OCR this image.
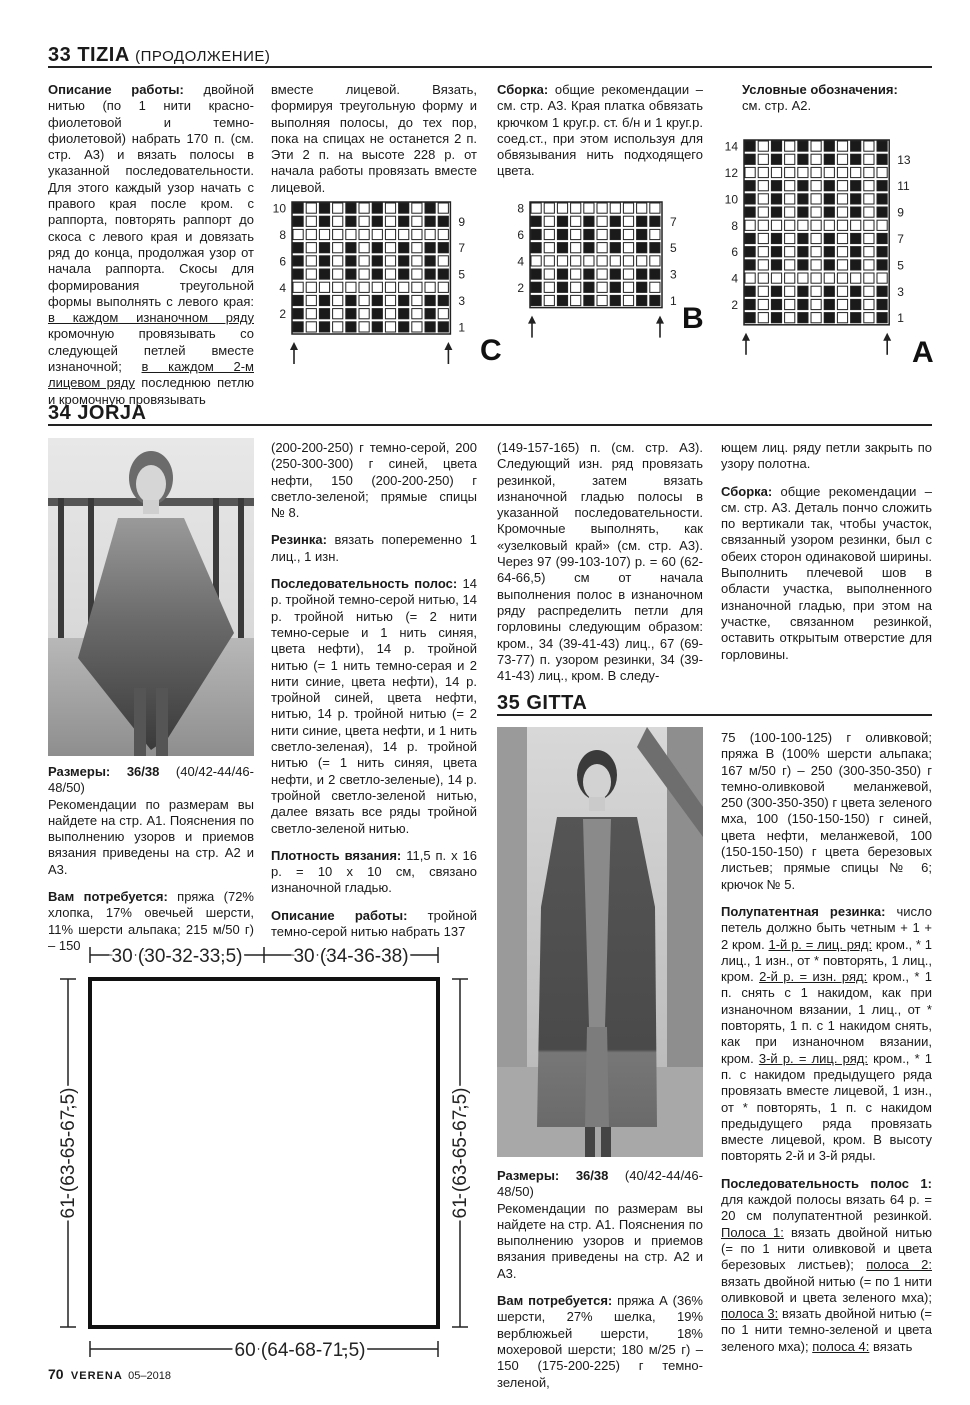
33 TIZIA (ПРОДОЛЖЕНИЕ)

Описание работы: двойной нитью (по 1 нити красно-фиолетовой и темно-фиолетовой) набрать 170 п. (см. стр. А3) и вязать полосы в указанной последовательности. Для этого каждый узор начать с правого края после кром. с раппорта, повторять раппорт до скоса с левого края и довязать ряд до конца, продолжая узор от начала раппорта. Скосы для формирования треугольной формы выполнять с левого края: в каждом изнаночном ряду кромочную провязывать со следующей петлей вместе изнаночной; в каждом 2-м лицевом ряду последнюю петлю и кромочную провязывать

вместе лицевой. Вязать, формируя треугольную форму и выполняя полосы, до тех пор, пока на спицах не останется 2 п. Эти 2 п. на высоте 228 р. от начала работы провязать вместе лицевой.

Сборка: общие рекомендации – см. стр. А3. Края платка обвязать крючком 1 круг.р. ст. б/н и 1 круг.р. соед.ст., при этом используя для обвязывания нить подходящего цвета.

Условные обозначения:
см. стр. А2.

10
8
6
4
2
9
7
5
3
1
C
8
6
4
2
7
5
3
1
B
14
12
10
8
6
4
2
13
11
9
7
5
3
1
A
34 JORJA

Размеры: 36/38 (40/42-44/46-48/50)
Рекомендации по размерам вы найдете на стр. А1. Пояснения по выполнению узоров и приемов вязания приведены на стр. А2 и А3.

Вам потребуется: пряжа (72% хлопка, 17% овечьей шерсти, 11% шерсти альпака; 215 м/50 г) – 150

(200-200-250) г темно-серой, 200 (250-300-300) г синей, цвета нефти, 150 (200-200-250) г светло-зеленой; прямые спицы № 8.

Резинка: вязать попеременно 1 лиц., 1 изн.

Последовательность полос: 14 р. тройной темно-серой нитью, 14 р. тройной нитью (= 2 нити темно-серые и 1 нить синяя, цвета нефти), 14 р. тройной нитью (= 1 нить темно-серая и 2 нити синие, цвета нефти), 14 р. тройной синей, цвета нефти, нитью, 14 р. тройной нитью (= 2 нити синие, цвета нефти, и 1 нить светло-зеленая), 14 р. тройной нитью (= 1 нить синяя, цвета нефти, и 2 светло-зеленые), 14 р. тройной светло-зеленой нитью, далее вязать все ряды тройной светло-зеленой нитью.

Плотность вязания: 11,5 п. х 16 р. = 10 х 10 см, связано изнаночной гладью.

Описание работы: тройной темно-серой нитью набрать 137

(149-157-165) п. (см. стр. А3). Следующий изн. ряд провязать резинкой, затем вязать изнаночной гладью полосы в указанной последовательности. Кромочные выполнять, как «узелковый край» (см. стр. А3). Через 97 (99-103-107) р. = 60 (62-64-66,5) см от начала выполнения полос в изнаночном ряду распределить петли для горловины следующим образом: кром., 34 (39-41-43) лиц., 67 (69-73-77) п. узором резинки, 34 (39-41-43) лиц., кром. В следу-

ющем лиц. ряду петли закрыть по узору полотна.

Сборка: общие рекомендации – см. стр. А3. Деталь пончо сложить по вертикали так, чтобы участок, связанный узором резинки, был с обеих сторон одинаковой ширины. Выполнить плечевой шов в области участка, выполненного изнаночной гладью, при этом на участке, связанном резинкой, оставить открытым отверстие для горловины.

30 (30-32-33,5)	30 (34-36-38)
61 (63-65-67,5)	61 (63-65-67,5)
60 (64-68-71,5)
35 GITTA

Размеры: 36/38 (40/42-44/46-48/50)
Рекомендации по размерам вы найдете на стр. А1. Пояснения по выполнению узоров и приемов вязания приведены на стр. А2 и А3.

Вам потребуется: пряжа А (36% шерсти, 27% шелка, 19% верблюжьей шерсти, 18% мохеровой шерсти; 180 м/25 г) – 150 (175-200-225) г темно-зеленой,

75 (100-100-125) г оливковой; пряжа В (100% шерсти альпака; 167 м/50 г) – 250 (300-350-350) г темно-оливковой меланжевой, 250 (300-350-350) г цвета зеленого мха, 100 (150-150-150) г синей, цвета нефти, меланжевой, 100 (150-150-150) г цвета березовых листьев; прямые спицы № 6; крючок № 5.

Полупатентная резинка: число петель должно быть четным + 1 + 2 кром. 1-й р. = лиц. ряд: кром., * 1 лиц., 1 изн., от * повторять, 1 лиц., кром. 2-й р. = изн. ряд: кром., * 1 п. снять с 1 накидом, как при изнаночном вязании, 1 лиц., от * повторять, 1 п. с 1 накидом снять, как при изнаночном вязании, кром. 3-й р. = лиц. ряд: кром., * 1 п. с накидом предыдущего ряда провязать вместе лицевой, 1 изн., от * повторять, 1 п. с накидом предыдущего ряда провязать вместе лицевой, кром. В высоту повторять 2-й и 3-й ряды.

Последовательность полос 1: для каждой полосы вязать 64 р. = 20 см полупатентной резинкой. Полоса 1: вязать двойной нитью (= по 1 нити оливковой и цвета березовых листьев); полоса 2: вязать двойной нитью (= по 1 нити оливковой и цвета зеленого мха); полоса 3: вязать двойной нитью (= по 1 нити темно-зеленой и цвета зеленого мха); полоса 4: вязать

70 VERENA 05–2018
